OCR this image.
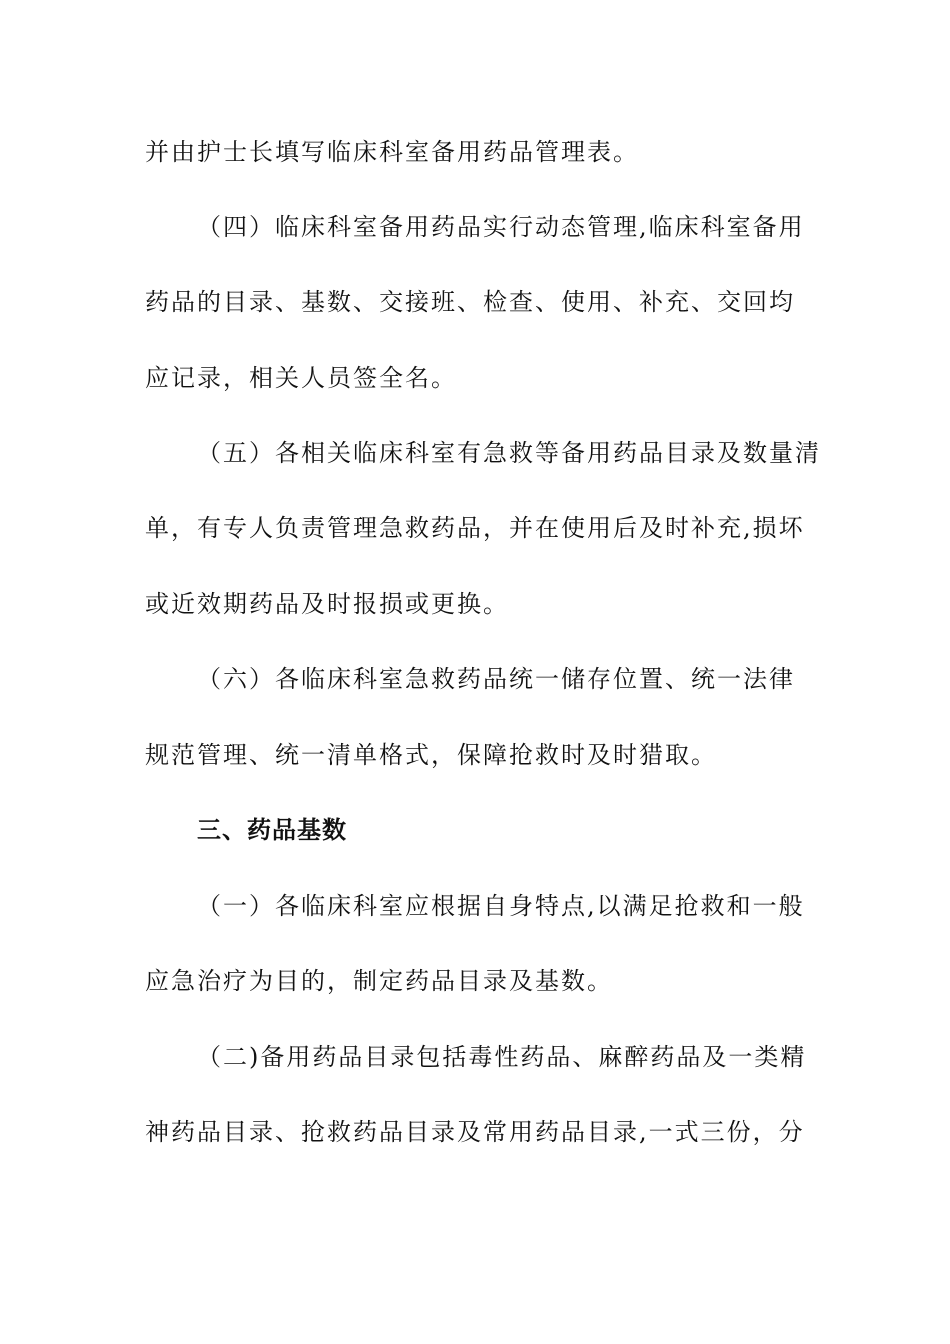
并由护士长填写临床科室备用药品管理表。
（四）临床科室备用药品实行动态管理,临床科室备用
药品的目录、基数、交接班、检查、使用、补充、交回均
应记录，相关人员签全名。
（五）各相关临床科室有急救等备用药品目录及数量清
单，有专人负责管理急救药品，并在使用后及时补充,损坏
或近效期药品及时报损或更换。
（六）各临床科室急救药品统一储存位置、统一法律
规范管理、统一清单格式，保障抢救时及时猎取。
三、药品基数
（一）各临床科室应根据自身特点,以满足抢救和一般
应急治疗为目的，制定药品目录及基数。
（二)备用药品目录包括毒性药品、麻醉药品及一类精
神药品目录、抢救药品目录及常用药品目录,一式三份，分
